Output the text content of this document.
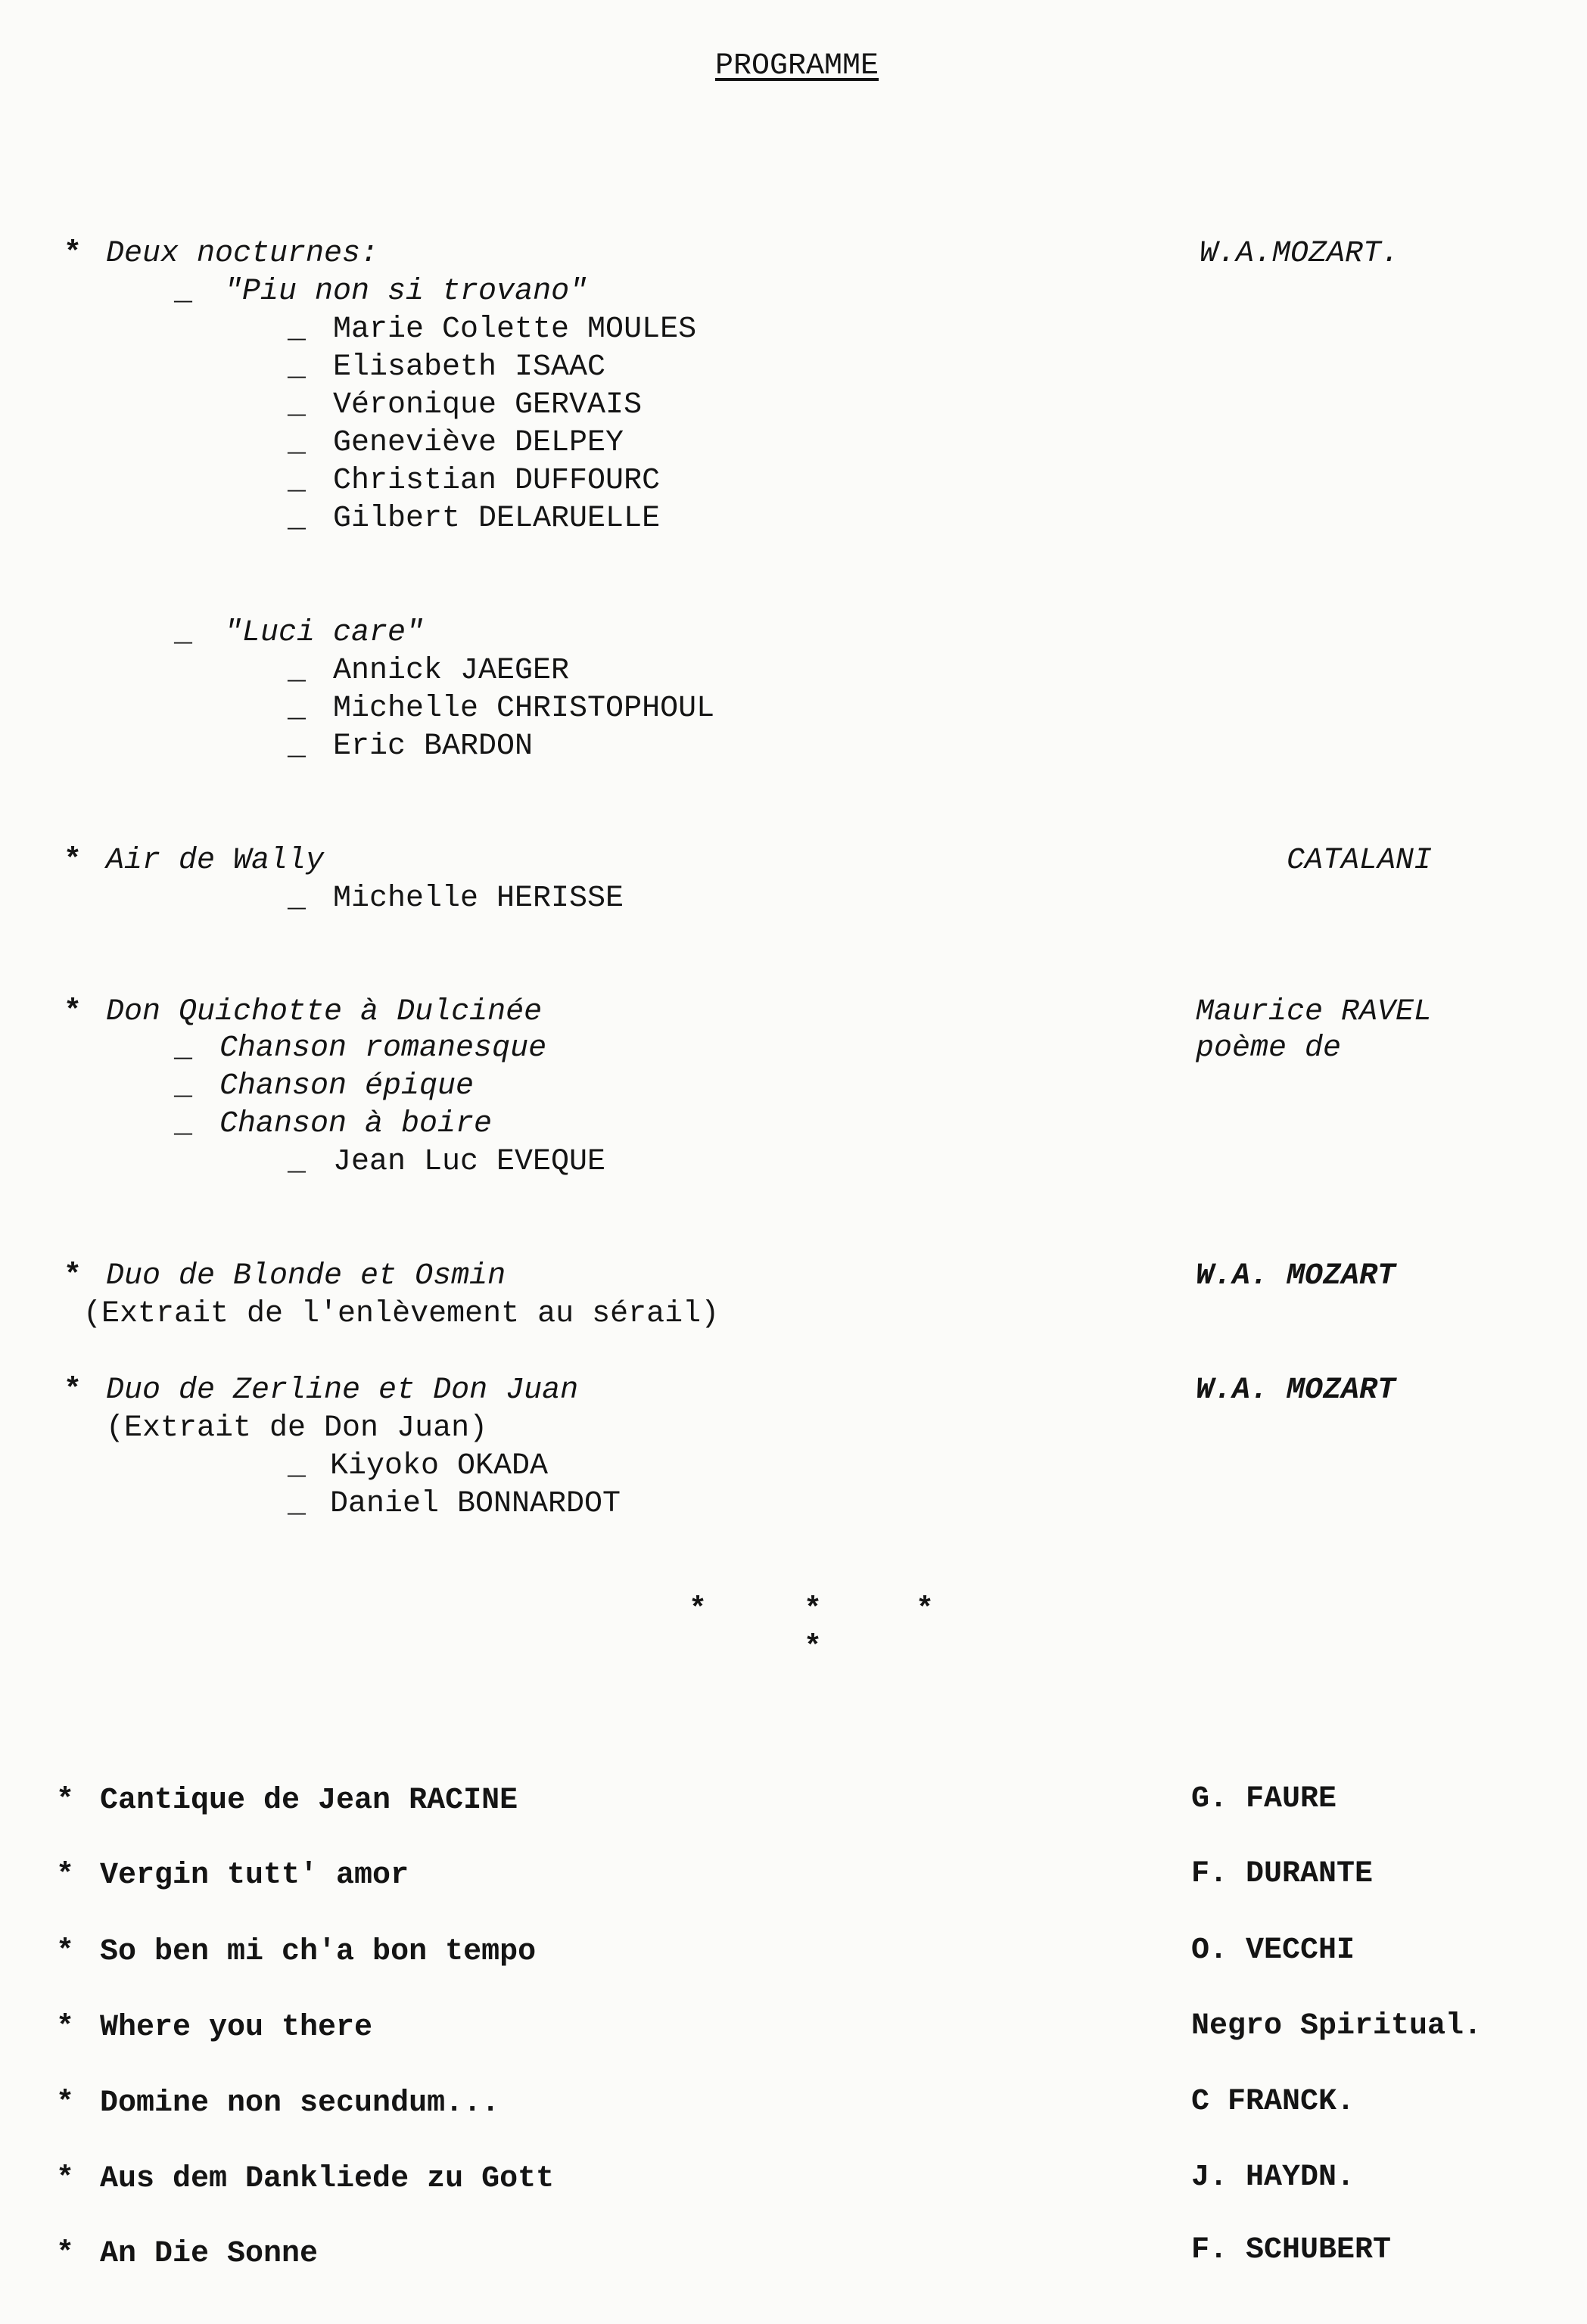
PROGRAMME
* Deux nocturnes:	W.A.MOZART.
_ "Piu non si trovano"
_ Marie Colette MOULES
_ Elisabeth ISAAC
_ Véronique GERVAIS
_ Geneviève DELPEY
_ Christian DUFFOURC
_ Gilbert DELARUELLE
_ "Luci care"
_ Annick JAEGER
_ Michelle CHRISTOPHOUL
_ Eric BARDON
* Air de Wally	CATALANI
_ Michelle HERISSE
* Don Quichotte à Dulcinée	Maurice RAVEL
poème de
_ Chanson romanesque
_ Chanson épique
_ Chanson à boire
_ Jean Luc EVEQUE
* Duo de Blonde et Osmin	W.A. MOZART
(Extrait de l'enlèvement au sérail)
* Duo de Zerline et Don Juan	W.A. MOZART
(Extrait de Don Juan)
_ Kiyoko OKADA
_ Daniel BONNARDOT
*	*	*
*
* Cantique de Jean RACINE	G. FAURE
* Vergin tutt' amor	F. DURANTE
* So ben mi ch'a bon tempo	O. VECCHI
* Where you there	Negro Spiritual.
* Domine non secundum...	C FRANCK.
* Aus dem Dankliede zu Gott	J. HAYDN.
* An Die Sonne	F. SCHUBERT
